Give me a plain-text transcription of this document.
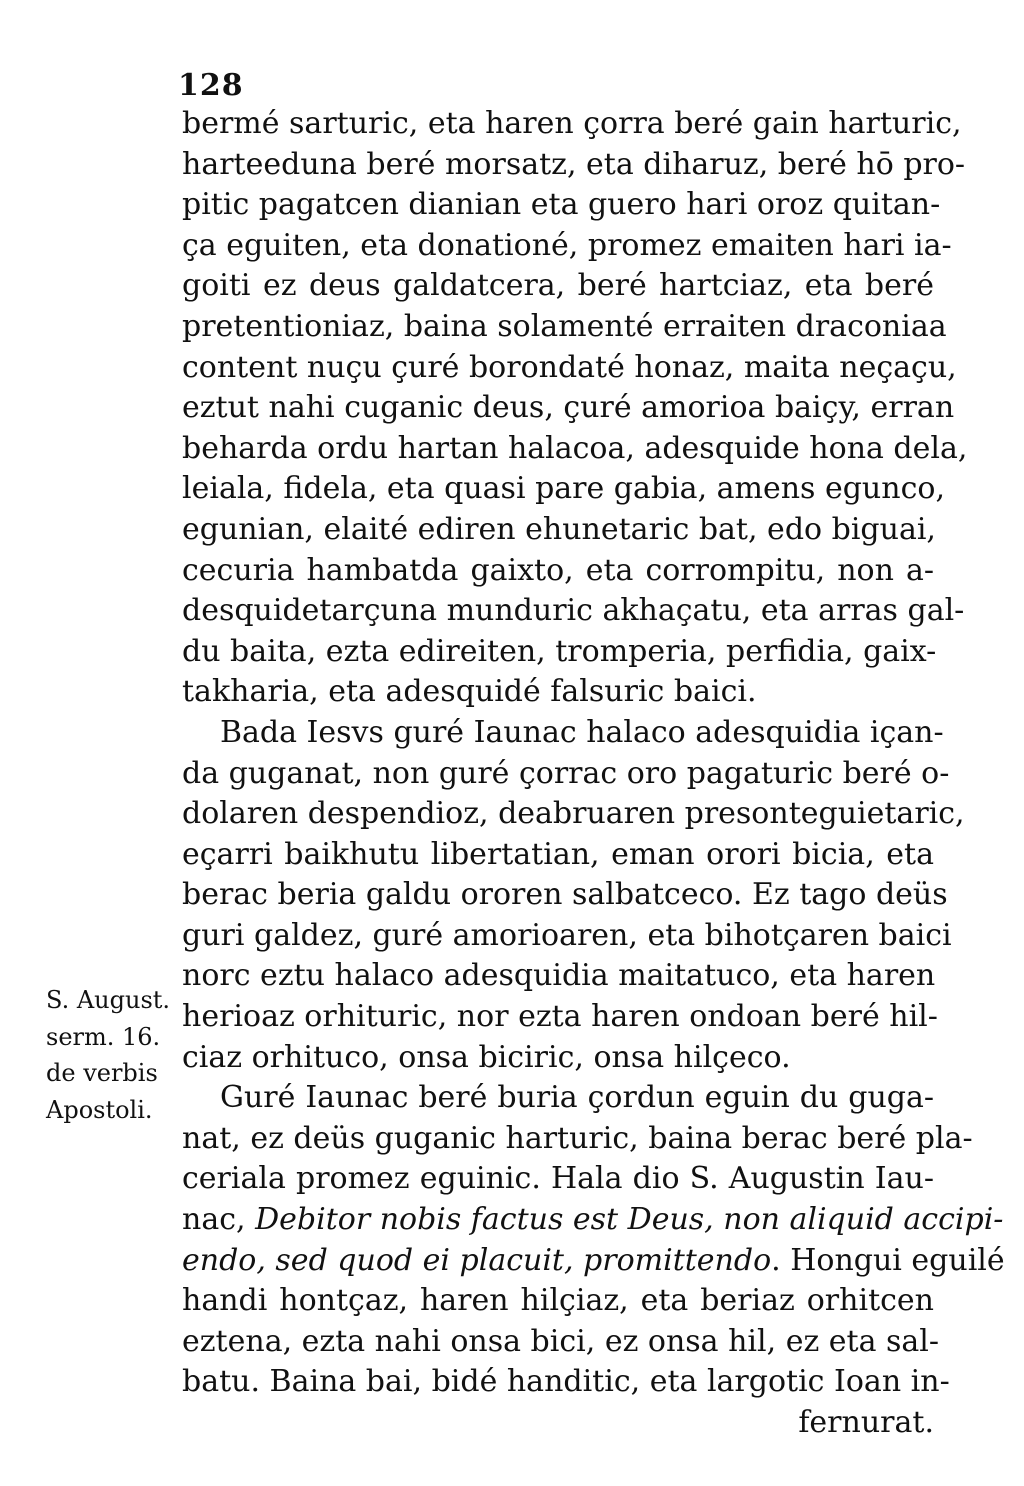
128
bermé sarturic, eta haren çorra beré gain harturic,
harteeduna beré morsatz, eta diharuz, beré hō pro-
pitic pagatcen dianian eta guero hari oroz quitan-
ça eguiten, eta donationé, promez emaiten hari ia-
goiti ez deus galdatcera, beré hartciaz, eta beré
pretentioniaz, baina solamenté erraiten draconiaa
content nuçu çuré borondaté honaz, maita neçaçu,
eztut nahi cuganic deus, çuré amorioa baiçy, erran
beharda ordu hartan halacoa, adesquide hona dela,
leiala, fidela, eta quasi pare gabia, amens egunco,
egunian, elaité ediren ehunetaric bat, edo biguai,
cecuria hambatda gaixto, eta corrompitu, non a-
desquidetarçuna munduric akhaçatu, eta arras gal-
du baita, ezta edireiten, tromperia, perfidia, gaix-
takharia, eta adesquidé falsuric baici.
Bada Iesvs guré Iaunac halaco adesquidia içan-
da guganat, non guré çorrac oro pagaturic beré o-
dolaren despendioz, deabruaren presonteguietaric,
eçarri baikhutu libertatian, eman orori bicia, eta
berac beria galdu ororen salbatceco. Ez tago deüs
guri galdez, guré amorioaren, eta bihotçaren baici
norc eztu halaco adesquidia maitatuco, eta haren
herioaz orhituric, nor ezta haren ondoan beré hil-
ciaz orhituco, onsa biciric, onsa hilçeco.
Guré Iaunac beré buria çordun eguin du guga-
nat, ez deüs guganic harturic, baina berac beré pla-
ceriala promez eguinic. Hala dio S. Augustin Iau-
nac, Debitor nobis factus est Deus, non aliquid accipi-
endo, sed quod ei placuit, promittendo. Hongui eguilé
handi hontçaz, haren hilçiaz, eta beriaz orhitcen
eztena, ezta nahi onsa bici, ez onsa hil, ez eta sal-
batu. Baina bai, bidé handitic, eta largotic Ioan in-
fernurat.
S. August.
serm. 16.
de verbis
Apostoli.
